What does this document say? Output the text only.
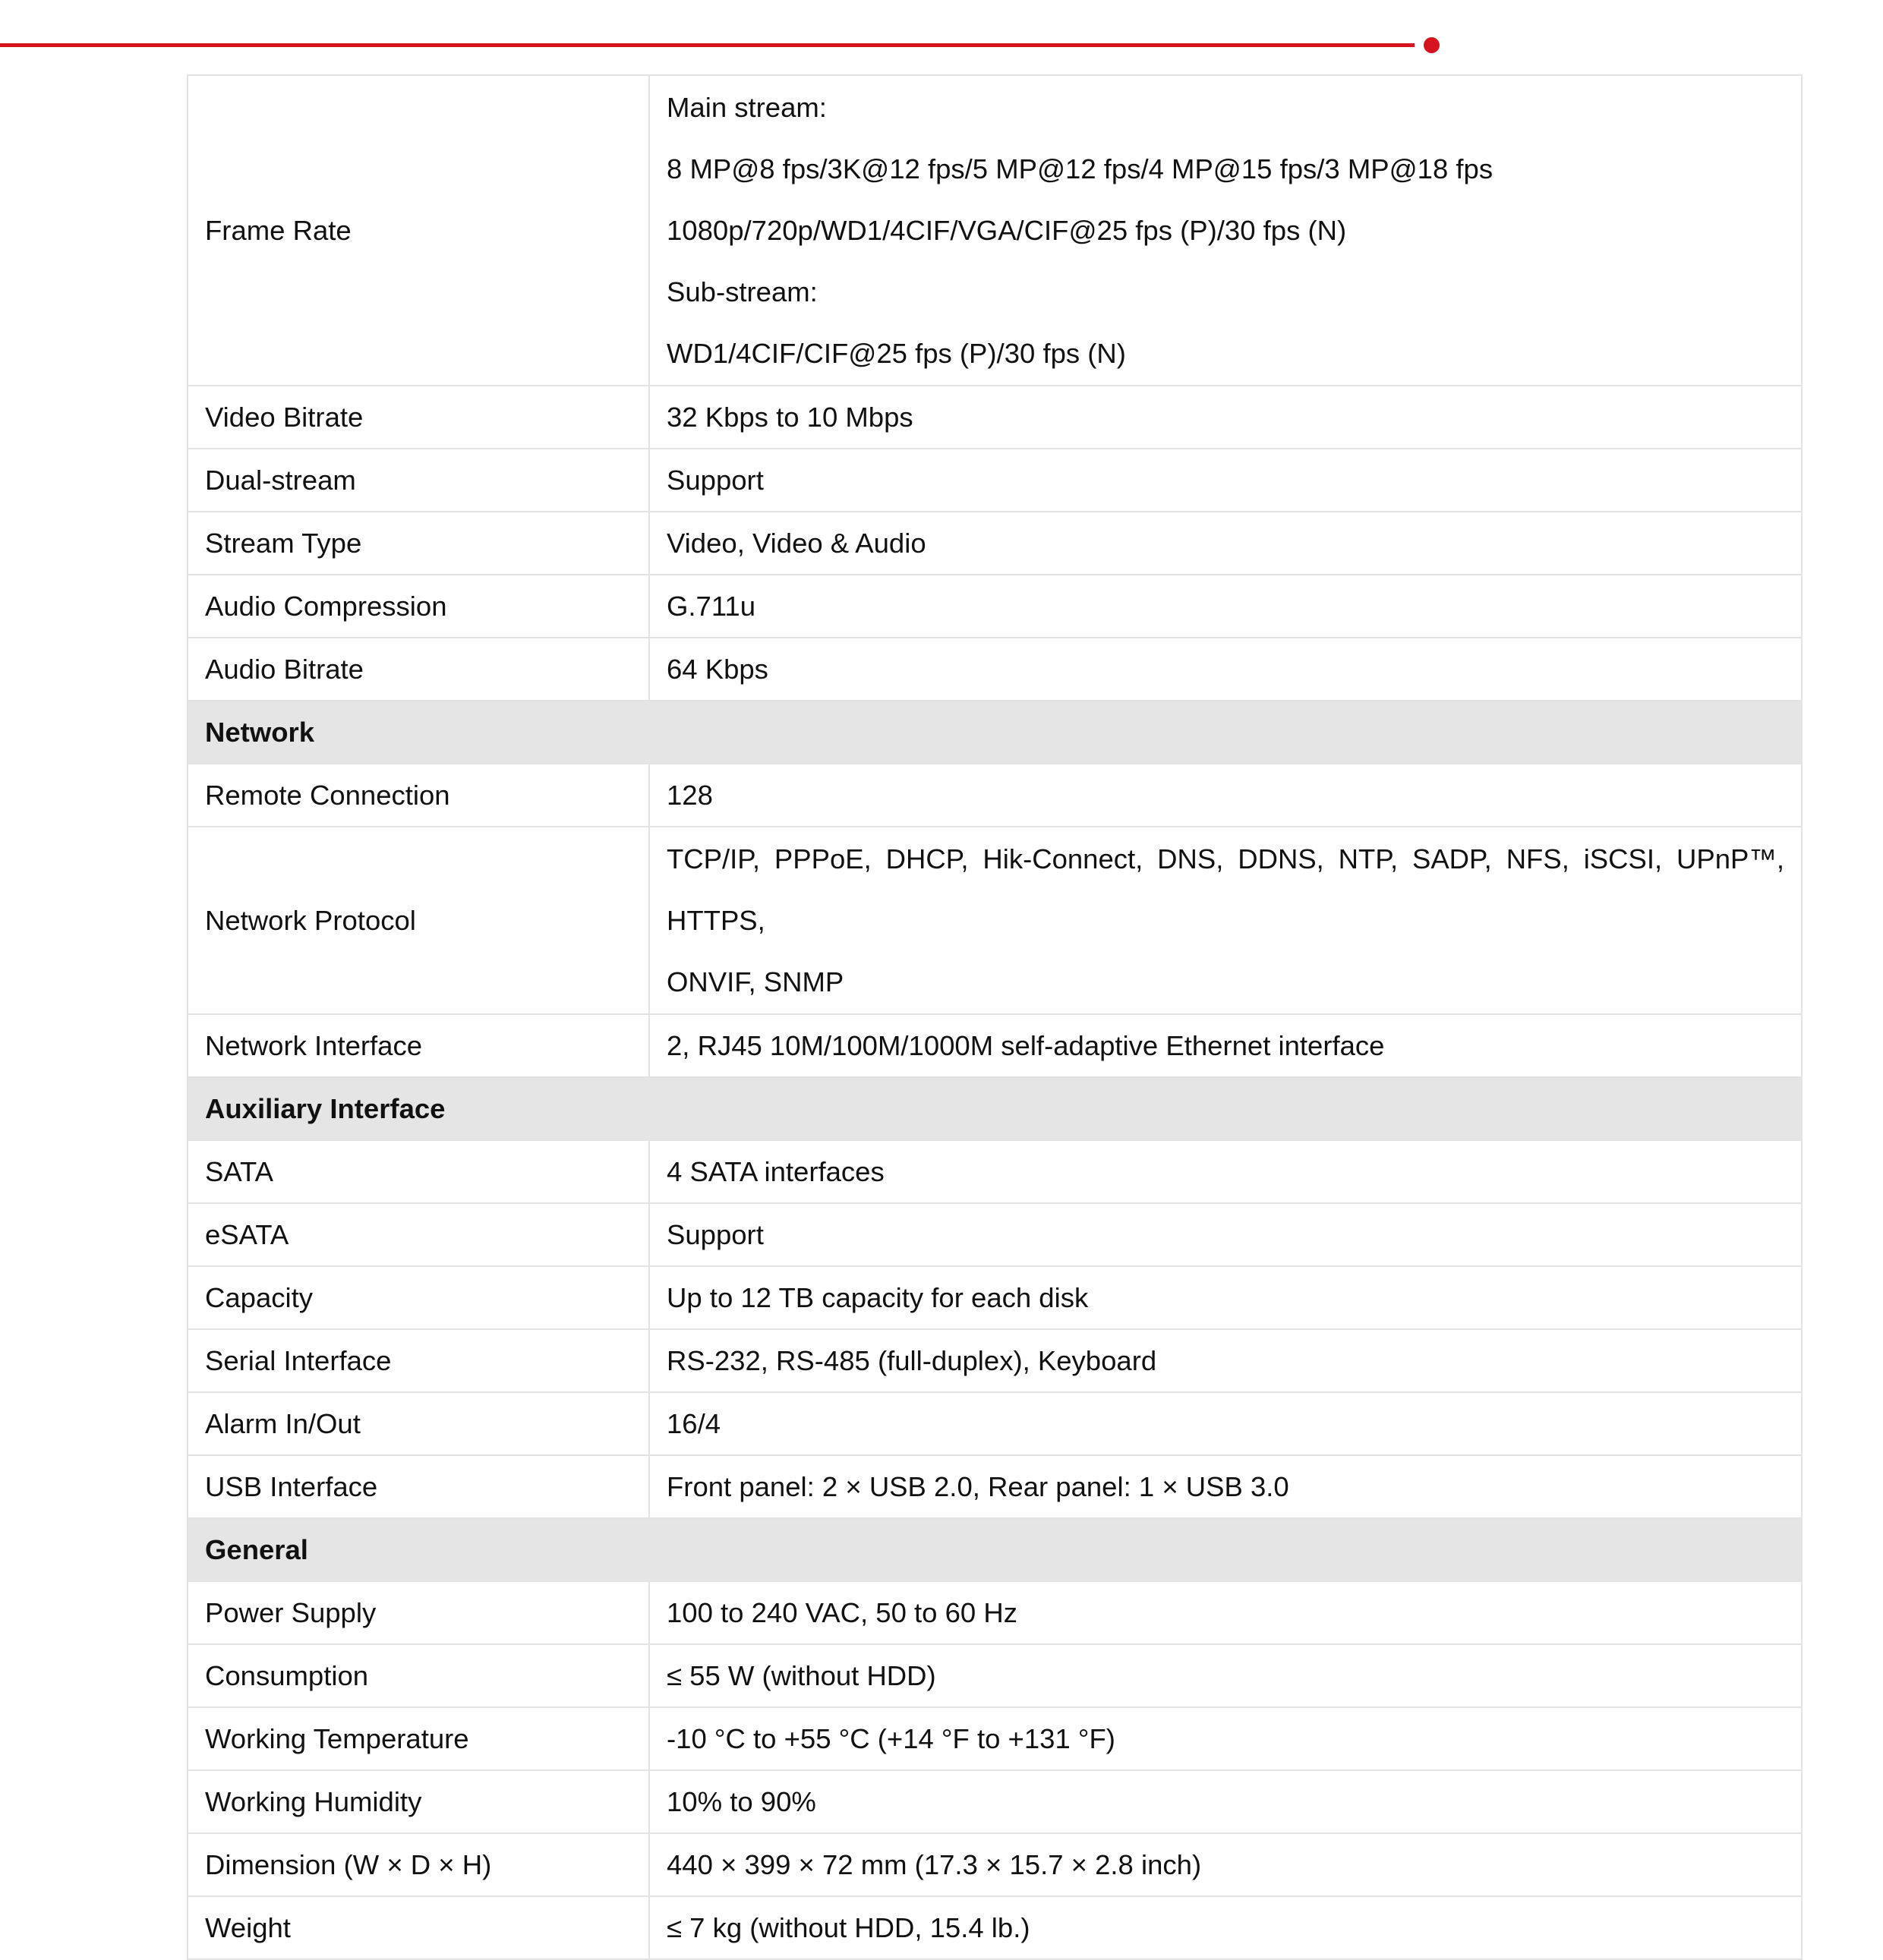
Frame Rate	Main stream:
8 MP@8 fps/3K@12 fps/5 MP@12 fps/4 MP@15 fps/3 MP@18 fps
1080p/720p/WD1/4CIF/VGA/CIF@25 fps (P)/30 fps (N)
Sub-stream:
WD1/4CIF/CIF@25 fps (P)/30 fps (N)

Video Bitrate	32 Kbps to 10 Mbps
Dual-stream	Support
Stream Type	Video, Video & Audio
Audio Compression	G.711u
Audio Bitrate	64 Kbps
Network	
Remote Connection	128
Network Protocol	TCP/IP, PPPoE, DHCP, Hik-Connect, DNS, DDNS, NTP, SADP, NFS, iSCSI, UPnP™, HTTPS,
ONVIF, SNMP

Network Interface	2, RJ45 10M/100M/1000M self-adaptive Ethernet interface
Auxiliary Interface	
SATA	4 SATA interfaces
eSATA	Support
Capacity	Up to 12 TB capacity for each disk
Serial Interface	RS-232, RS-485 (full-duplex), Keyboard
Alarm In/Out	16/4
USB Interface	Front panel: 2 × USB 2.0, Rear panel: 1 × USB 3.0
General	
Power Supply	100 to 240 VAC, 50 to 60 Hz
Consumption	≤ 55 W (without HDD)
Working Temperature	-10 °C to +55 °C (+14 °F to +131 °F)
Working Humidity	10% to 90%
Dimension (W × D × H)	440 × 399 × 72 mm (17.3 × 15.7 × 2.8 inch)
Weight	≤ 7 kg (without HDD, 15.4 lb.)
